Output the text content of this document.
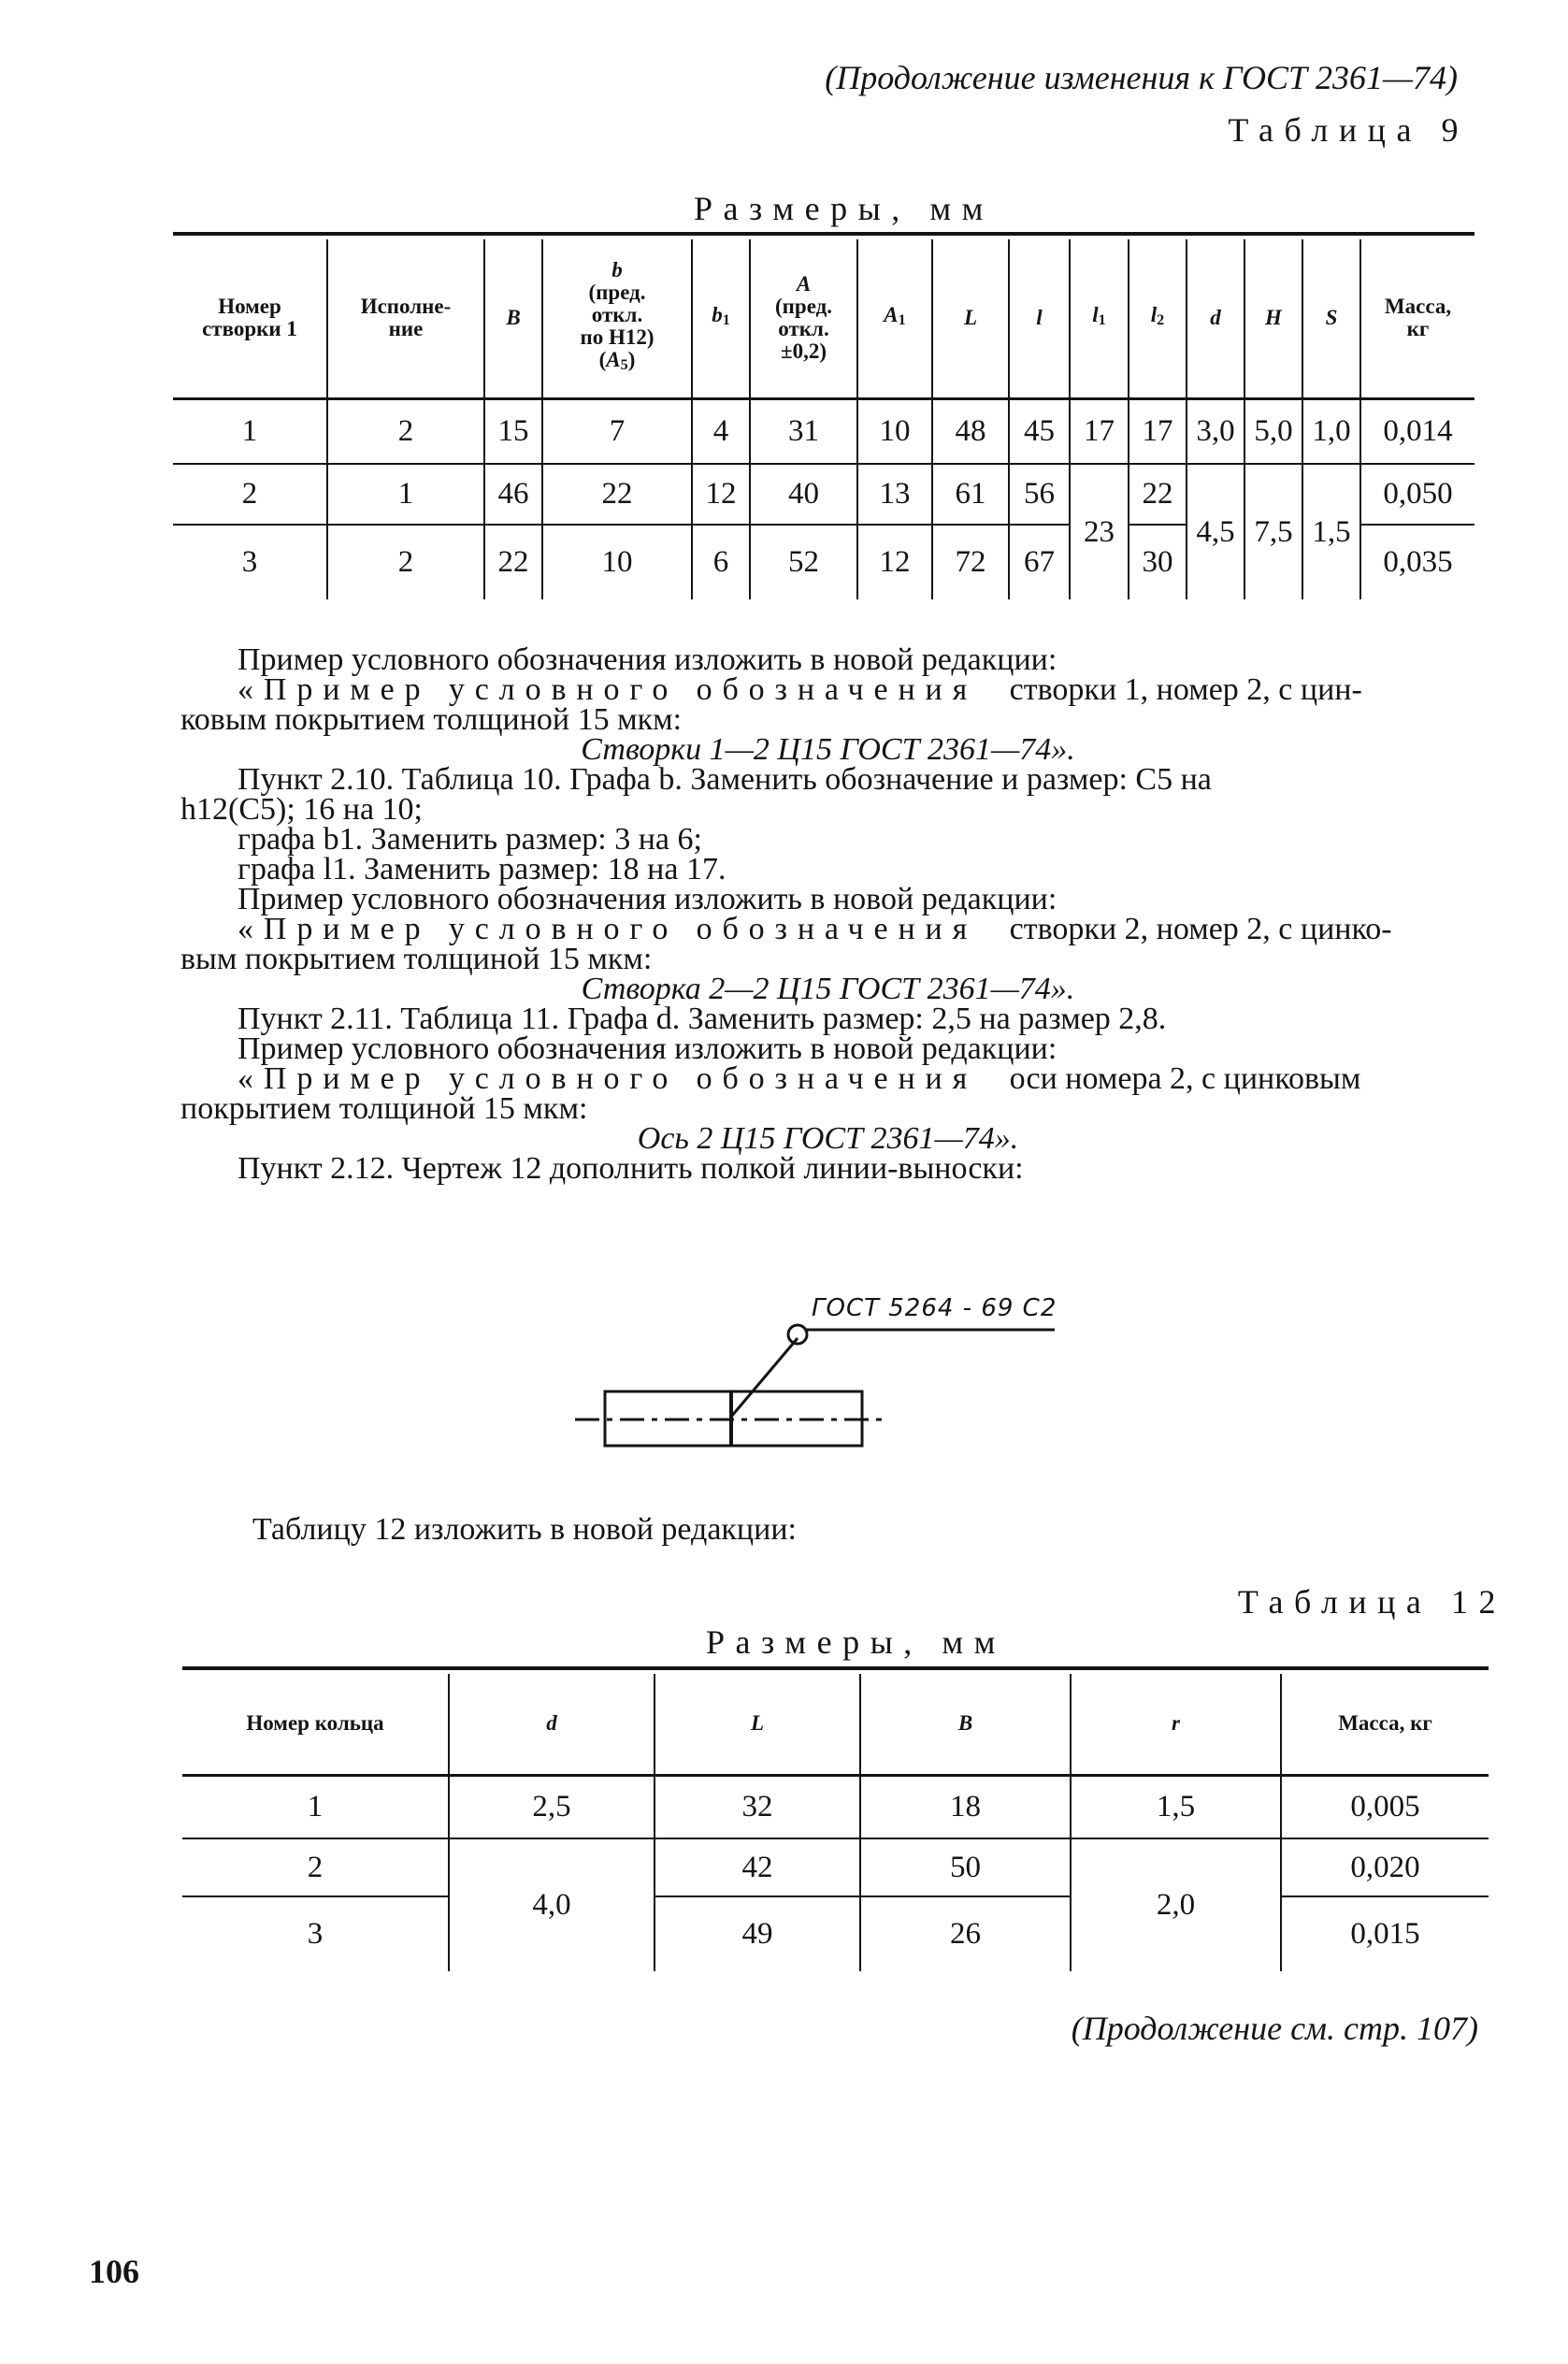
(Продолжение изменения к ГОСТ 2361—74)
Таблица 9
Размеры, мм
Номер
створки 1	Исполне-
ние	B	b
(пред.
откл.
по H12)
(A5)	b1	A
(пред.
откл.
±0,2)	A1	L	l	l1	l2	d	H	S	Масса,
кг
1	2	15	7	4	31	10	48	45	17	17	3,0	5,0	1,0	0,014
2	1	46	22	12	40	13	61	56	23	22	4,5	7,5	1,5	0,050
3	2	22	10	6	52	12	72	67		30				0,035
Пример условного обозначения изложить в новой редакции:
«Пример условного обозначения створки 1, номер 2, с цин-
ковым покрытием толщиной 15 мкм:
Створки 1—2 Ц15 ГОСТ 2361—74».
Пункт 2.10. Таблица 10. Графа b. Заменить обозначение и размер: C5 на
h12(C5); 16 на 10;
графа b1. Заменить размер: 3 на 6;
графа l1. Заменить размер: 18 на 17.
Пример условного обозначения изложить в новой редакции:
«Пример условного обозначения створки 2, номер 2, с цинко-
вым покрытием толщиной 15 мкм:
Створка 2—2 Ц15 ГОСТ 2361—74».
Пункт 2.11. Таблица 11. Графа d. Заменить размер: 2,5 на размер 2,8.
Пример условного обозначения изложить в новой редакции:
«Пример условного обозначения оси номера 2, с цинковым
покрытием толщиной 15 мкм:
Ось 2 Ц15 ГОСТ 2361—74».
Пункт 2.12. Чертеж 12 дополнить полкой линии-выноски:
ГОСТ 5264 - 69 С2
Таблицу 12 изложить в новой редакции:
Таблица 12
Размеры, мм
Номер кольца	d	L	B	r	Масса, кг
1	2,5	32	18	1,5	0,005
2	4,0	42	50	2,0	0,020
3		49	26		0,015
(Продолжение см. стр. 107)
106
